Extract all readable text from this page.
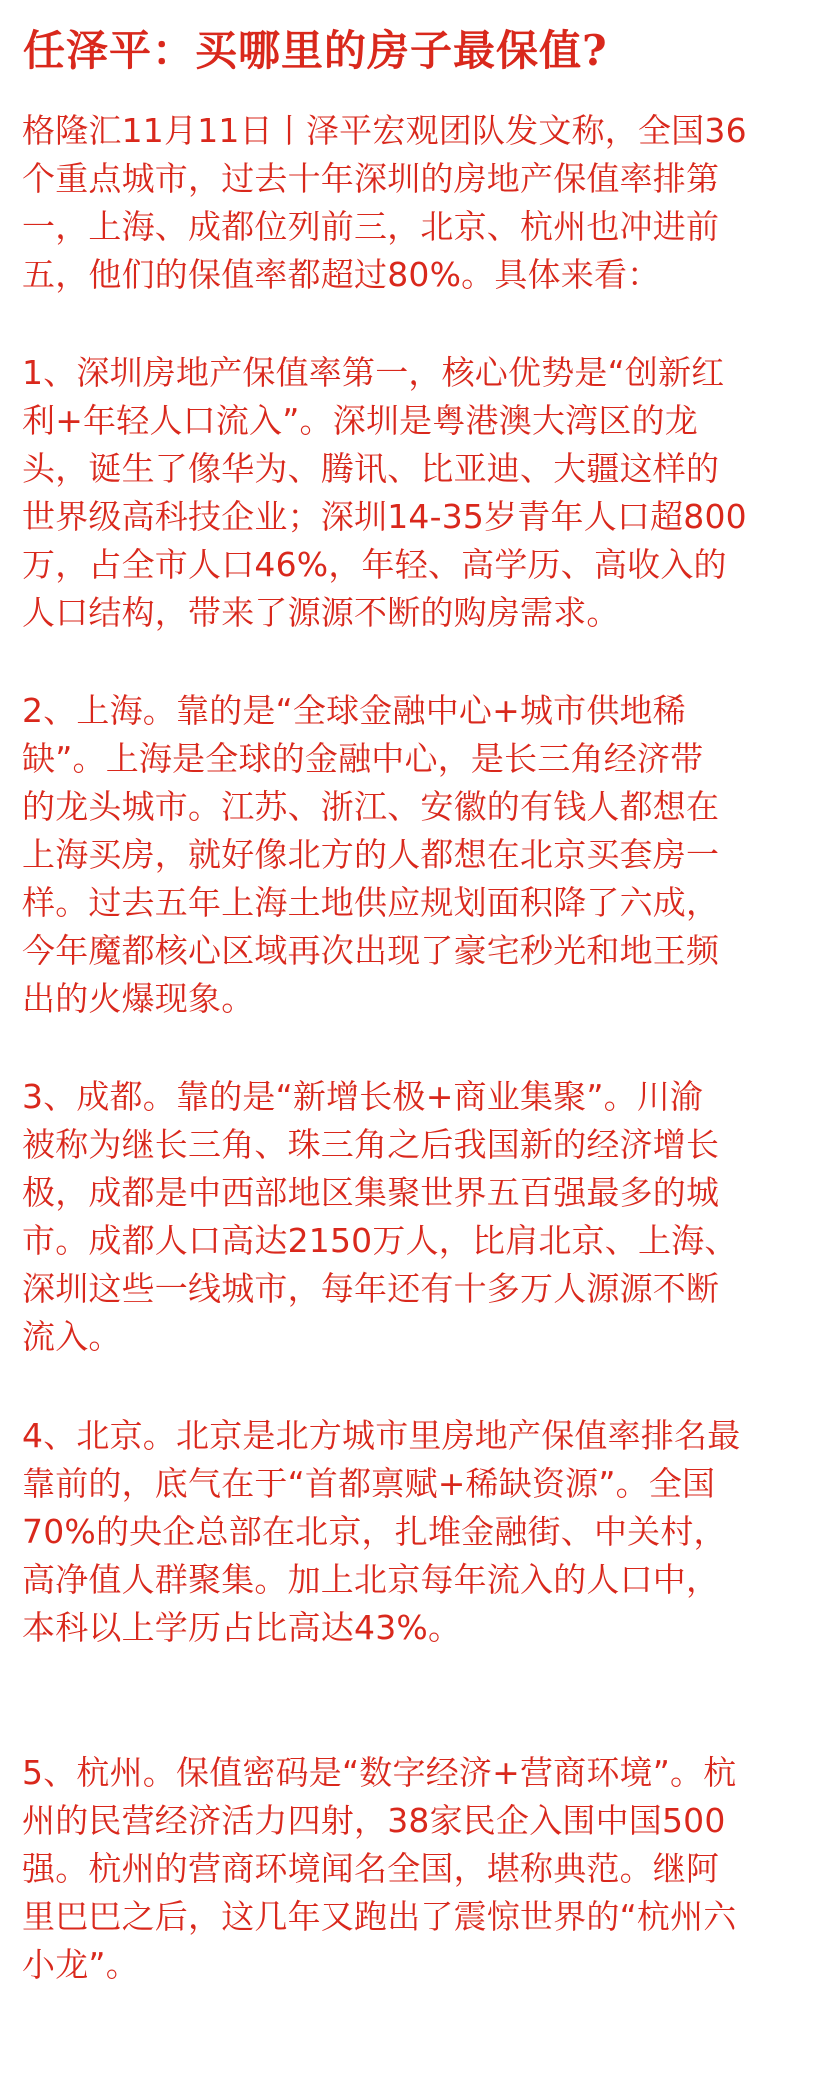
任泽平：买哪里的房子最保值?

格隆汇11月11日丨泽平宏观团队发文称，全国36
个重点城市，过去十年深圳的房地产保值率排第
一，上海、成都位列前三，北京、杭州也冲进前
五，他们的保值率都超过80%。具体来看：

1、深圳房地产保值率第一，核心优势是“创新红
利+年轻人口流入”。深圳是粤港澳大湾区的龙
头，诞生了像华为、腾讯、比亚迪、大疆这样的
世界级高科技企业；深圳14-35岁青年人口超800
万，占全市人口46%，年轻、高学历、高收入的
人口结构，带来了源源不断的购房需求。

2、上海。靠的是“全球金融中心+城市供地稀
缺”。上海是全球的金融中心，是长三角经济带
的龙头城市。江苏、浙江、安徽的有钱人都想在
上海买房，就好像北方的人都想在北京买套房一
样。过去五年上海土地供应规划面积降了六成，
今年魔都核心区域再次出现了豪宅秒光和地王频
出的火爆现象。

3、成都。靠的是“新增长极+商业集聚”。川渝
被称为继长三角、珠三角之后我国新的经济增长
极，成都是中西部地区集聚世界五百强最多的城
市。成都人口高达2150万人，比肩北京、上海、
深圳这些一线城市，每年还有十多万人源源不断
流入。

4、北京。北京是北方城市里房地产保值率排名最
靠前的，底气在于“首都禀赋+稀缺资源”。全国
70%的央企总部在北京，扎堆金融街、中关村，
高净值人群聚集。加上北京每年流入的人口中，
本科以上学历占比高达43%。

5、杭州。保值密码是“数字经济+营商环境”。杭
州的民营经济活力四射，38家民企入围中国500
强。杭州的营商环境闻名全国，堪称典范。继阿
里巴巴之后，这几年又跑出了震惊世界的“杭州六
小龙”。
